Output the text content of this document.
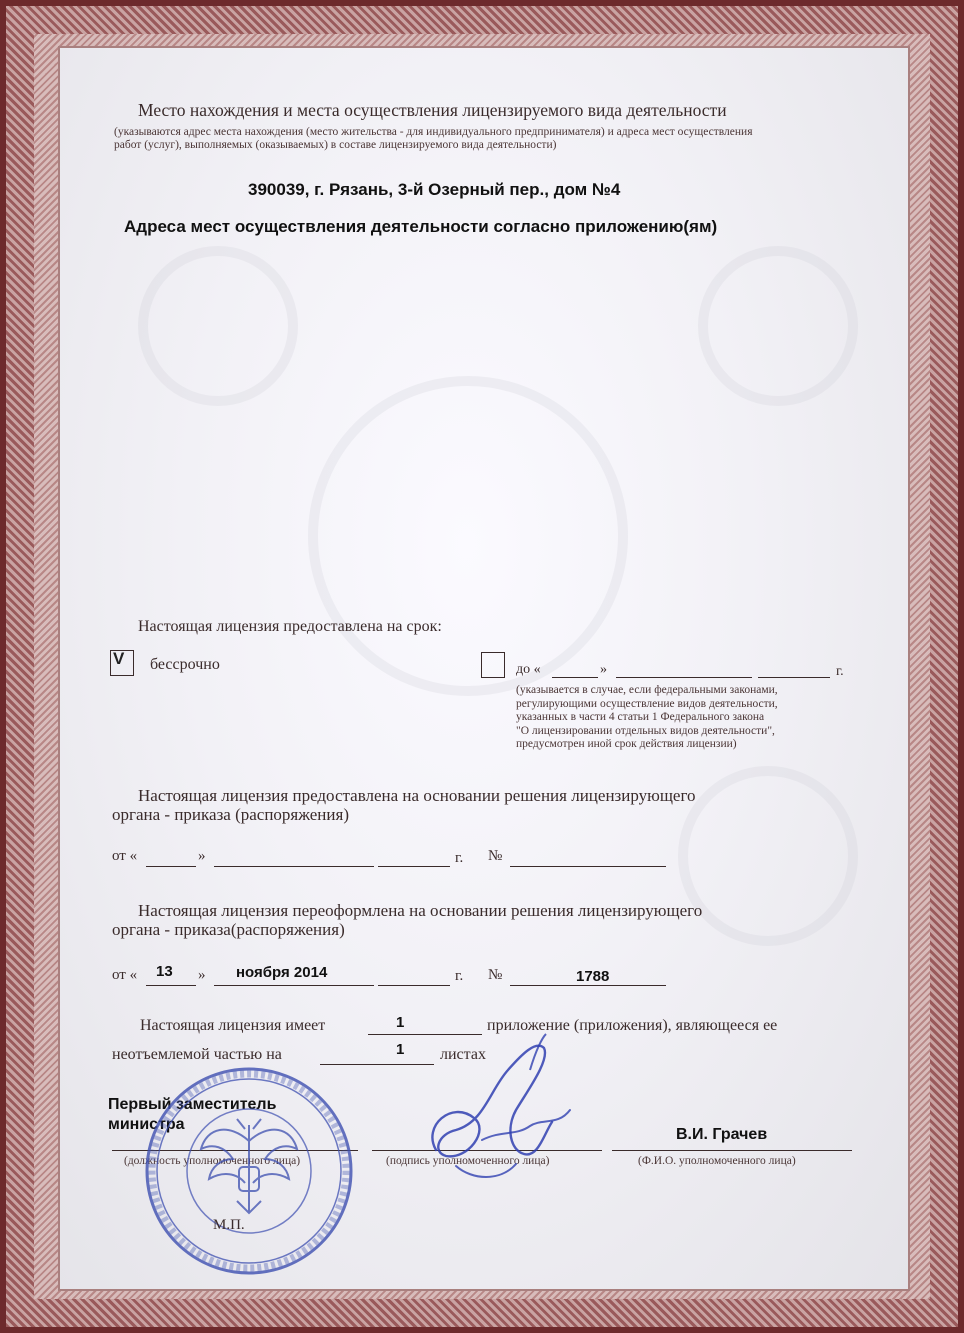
Место нахождения и места осуществления лицензируемого вида деятельности
(указываются адрес места нахождения (место жительства - для индивидуального предпринимателя) и адреса мест осуществления
работ (услуг), выполняемых (оказываемых) в составе лицензируемого вида деятельности)
390039, г. Рязань, 3-й Озерный пер., дом №4
Адреса мест осуществления деятельности согласно приложению(ям)
Настоящая лицензия предоставлена на срок:
V бессрочно	до «	»	г.
(указывается в случае, если федеральными законами,
регулирующими осуществление видов деятельности,
указанных в части 4 статьи 1 Федерального закона
"О лицензировании отдельных видов деятельности",
предусмотрен иной срок действия лицензии)
Настоящая лицензия предоставлена на основании решения лицензирующего
органа - приказа (распоряжения)
от «	»	г. №
Настоящая лицензия переоформлена на основании решения лицензирующего
органа - приказа(распоряжения)
от « 13 » ноября 2014	г. №	1788
Настоящая лицензия имеет	1	приложение (приложения), являющееся ее
неотъемлемой частью на	1 листах
Первый заместитель
министра
(должность уполномоченного лица)	(подпись уполномоченного лица)
В.И. Грачев
(Ф.И.О. уполномоченного лица)
М.П.
